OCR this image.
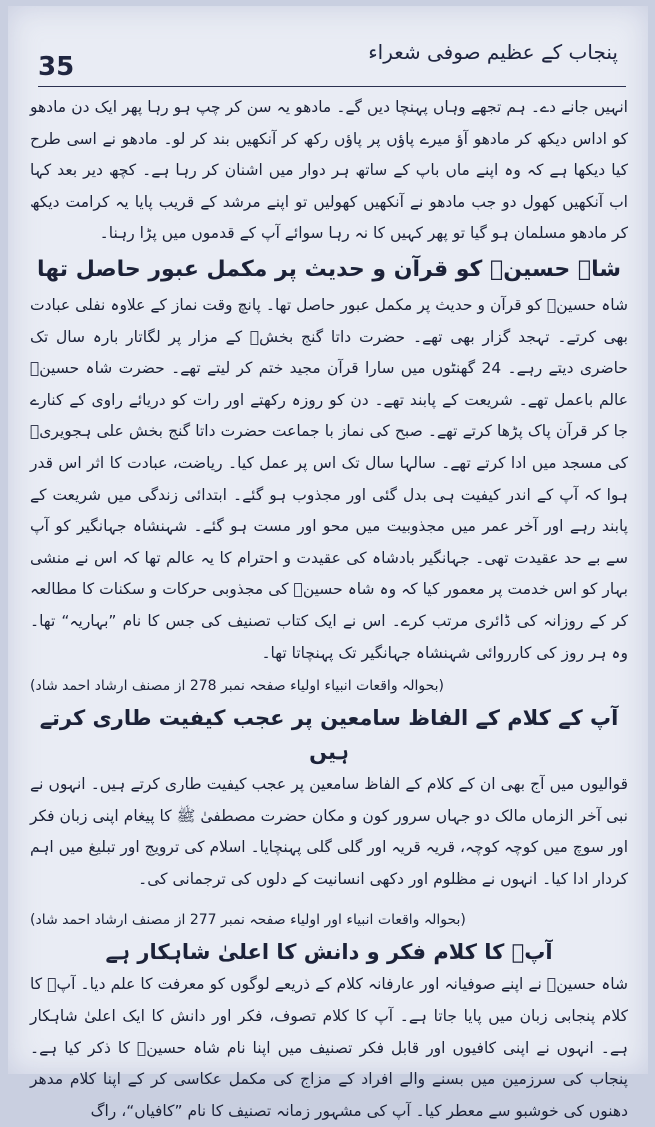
35	پنجاب کے عظیم صوفی شعراء

انہیں جانے دے۔ ہم تجھے وہاں پہنچا دیں گے۔ مادھو یہ سن کر چپ ہو رہا پھر ایک دن مادھو کو اداس دیکھ کر مادھو آؤ میرے پاؤں پر پاؤں رکھ کر آنکھیں بند کر لو۔ مادھو نے اسی طرح کیا دیکھا ہے کہ وہ اپنے ماں باپ کے ساتھ ہر دوار میں اشنان کر رہا ہے۔ کچھ دیر بعد کہا اب آنکھیں کھول دو جب مادھو نے آنکھیں کھولیں تو اپنے مرشد کے قریب پایا یہ کرامت دیکھ کر مادھو مسلمان ہو گیا تو پھر کہیں کا نہ رہا سوائے آپ کے قدموں میں پڑا رہنا۔

شاہ حسینؒ کو قرآن و حدیث پر مکمل عبور حاصل تھا

شاہ حسینؒ کو قرآن و حدیث پر مکمل عبور حاصل تھا۔ پانچ وقت نماز کے علاوہ نفلی عبادت بھی کرتے۔ تہجد گزار بھی تھے۔ حضرت داتا گنج بخشؒ کے مزار پر لگاتار بارہ سال تک حاضری دیتے رہے۔ 24 گھنٹوں میں سارا قرآن مجید ختم کر لیتے تھے۔ حضرت شاہ حسینؒ عالم باعمل تھے۔ شریعت کے پابند تھے۔ دن کو روزہ رکھتے اور رات کو دریائے راوی کے کنارے جا کر قرآن پاک پڑھا کرتے تھے۔ صبح کی نماز با جماعت حضرت داتا گنج بخش علی ہجویریؒ کی مسجد میں ادا کرتے تھے۔ سالہا سال تک اس پر عمل کیا۔ ریاضت، عبادت کا اثر اس قدر ہوا کہ آپ کے اندر کیفیت ہی بدل گئی اور مجذوب ہو گئے۔ ابتدائی زندگی میں شریعت کے پابند رہے اور آخر عمر میں مجذوبیت میں محو اور مست ہو گئے۔ شہنشاہ جہانگیر کو آپ سے بے حد عقیدت تھی۔ جہانگیر بادشاہ کی عقیدت و احترام کا یہ عالم تھا کہ اس نے منشی بہار کو اس خدمت پر معمور کیا کہ وہ شاہ حسینؒ کی مجذوبی حرکات و سکنات کا مطالعہ کر کے روزانہ کی ڈائری مرتب کرے۔ اس نے ایک کتاب تصنیف کی جس کا نام ”بہاریہ“ تھا۔ وہ ہر روز کی کارروائی شہنشاہ جہانگیر تک پہنچاتا تھا۔

(بحوالہ واقعات انبیاء اولیاء صفحہ نمبر 278 از مصنف ارشاد احمد شاد)

آپ کے کلام کے الفاظ سامعین پر عجب کیفیت طاری کرتے ہیں

قوالیوں میں آج بھی ان کے کلام کے الفاظ سامعین پر عجب کیفیت طاری کرتے ہیں۔ انہوں نے نبی آخر الزماں مالک دو جہاں سرور کون و مکان حضرت مصطفیٰ ﷺ کا پیغام اپنی زبان فکر اور سوچ میں کوچہ کوچہ، قریہ قریہ اور گلی گلی پہنچایا۔ اسلام کی ترویج اور تبلیغ میں اہم کردار ادا کیا۔ انہوں نے مظلوم اور دکھی انسانیت کے دلوں کی ترجمانی کی۔

(بحوالہ واقعات انبیاء اور اولیاء صفحہ نمبر 277 از مصنف ارشاد احمد شاد)

آپؒ کا کلام فکر و دانش کا اعلیٰ شاہکار ہے

شاہ حسینؒ نے اپنے صوفیانہ اور عارفانہ کلام کے ذریعے لوگوں کو معرفت کا علم دیا۔ آپؒ کا کلام پنجابی زبان میں پایا جاتا ہے۔ آپ کا کلام تصوف، فکر اور دانش کا ایک اعلیٰ شاہکار ہے۔ انہوں نے اپنی کافیوں اور قابل فکر تصنیف میں اپنا نام شاہ حسینؒ کا ذکر کیا ہے۔ پنجاب کی سرزمین میں بسنے والے افراد کے مزاج کی مکمل عکاسی کر کے اپنا کلام مدھر دھنوں کی خوشبو سے معطر کیا۔ آپ کی مشہور زمانہ تصنیف کا نام ”کافیاں“، راگ
